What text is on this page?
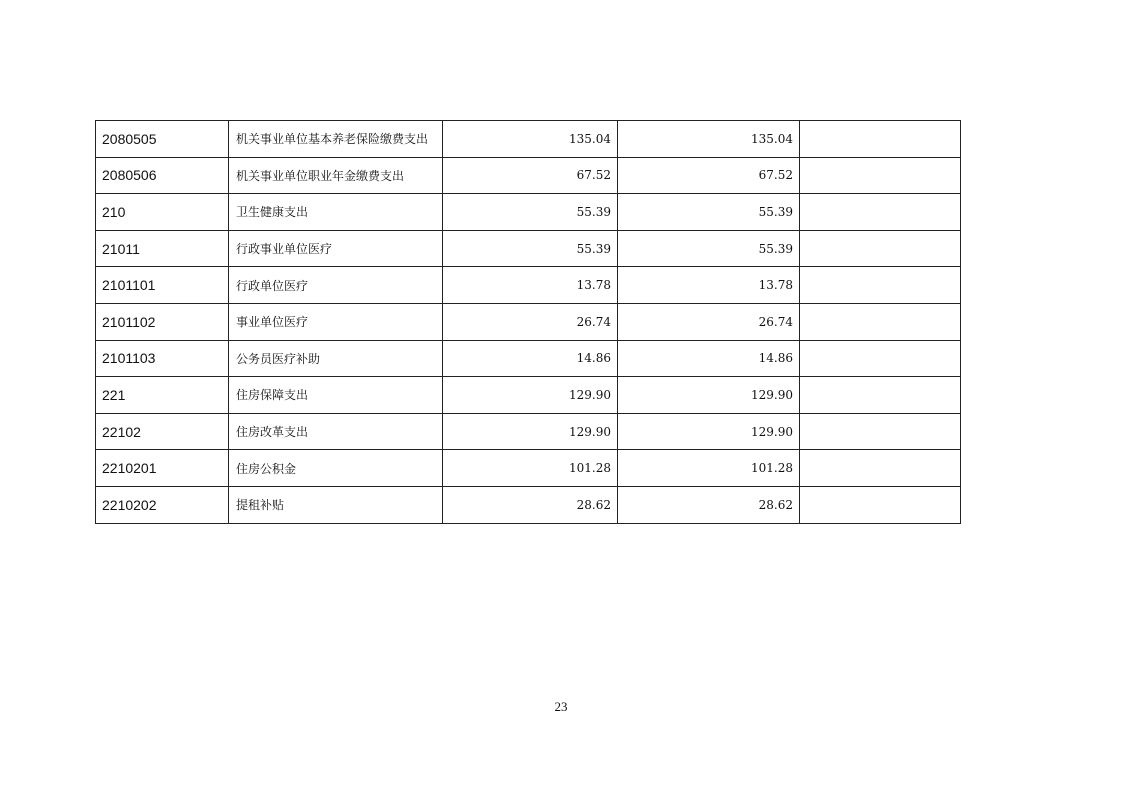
2080505	机关事业单位基本养老保险缴费支出	135.04	135.04	
2080506	机关事业单位职业年金缴费支出	67.52	67.52	
210	卫生健康支出	55.39	55.39	
21011	行政事业单位医疗	55.39	55.39	
2101101	行政单位医疗	13.78	13.78	
2101102	事业单位医疗	26.74	26.74	
2101103	公务员医疗补助	14.86	14.86	
221	住房保障支出	129.90	129.90	
22102	住房改革支出	129.90	129.90	
2210201	住房公积金	101.28	101.28	
2210202	提租补贴	28.62	28.62	
23
